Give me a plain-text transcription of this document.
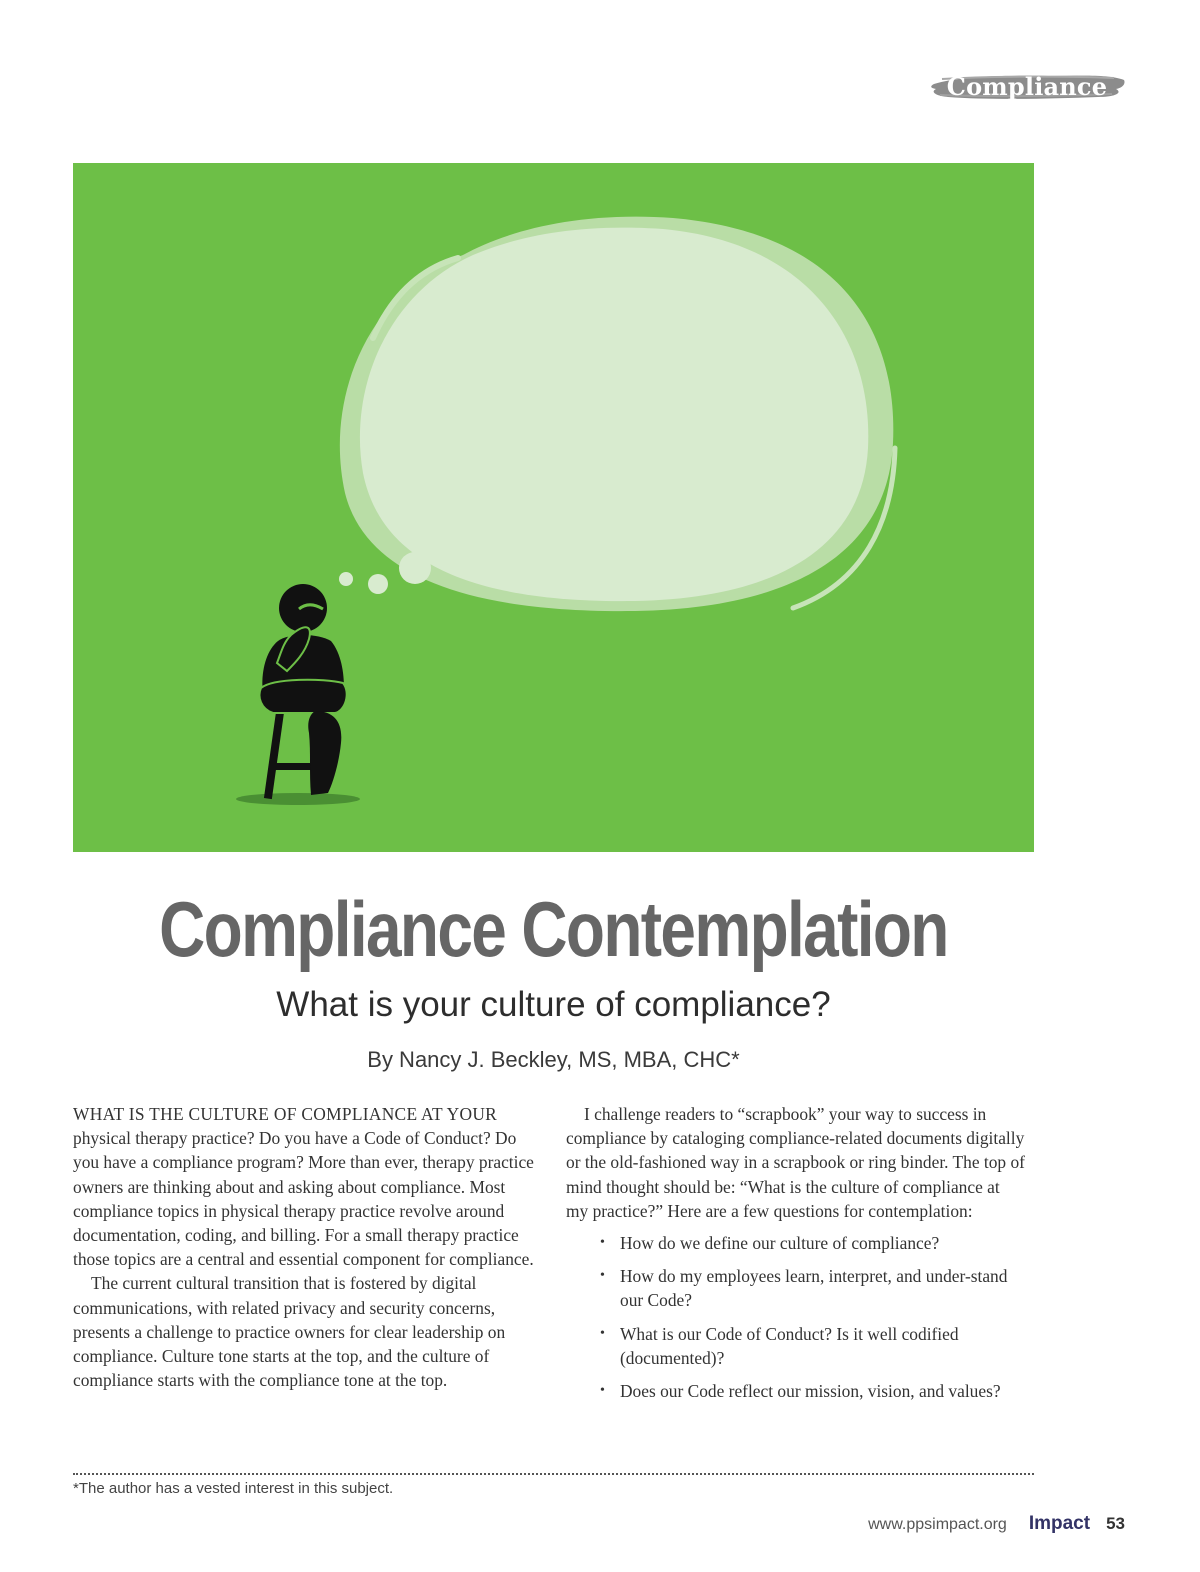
Compliance
Compliance Contemplation
What is your culture of compliance?
By Nancy J. Beckley, MS, MBA, CHC*

WHAT IS THE CULTURE OF COMPLIANCE AT YOUR physical therapy practice? Do you have a Code of Conduct? Do you have a compliance program? More than ever, therapy practice owners are thinking about and asking about compliance. Most compliance topics in physical therapy practice revolve around documentation, coding, and billing. For a small therapy practice those topics are a central and essential component for compliance.

The current cultural transition that is fostered by digital communications, with related privacy and security concerns, presents a challenge to practice owners for clear leadership on compliance. Culture tone starts at the top, and the culture of compliance starts with the compliance tone at the top.

I challenge readers to “scrapbook” your way to success in compliance by cataloging compliance-related documents digitally or the old-fashioned way in a scrapbook or ring binder. The top of mind thought should be: “What is the culture of compliance at my practice?” Here are a few questions for contemplation:

• How do we define our culture of compliance?
• How do my employees learn, interpret, and under-stand our Code?
• What is our Code of Conduct? Is it well codified (documented)?
• Does our Code reflect our mission, vision, and values?
*The author has a vested interest in this subject.
www.ppsimpact.org Impact 53
